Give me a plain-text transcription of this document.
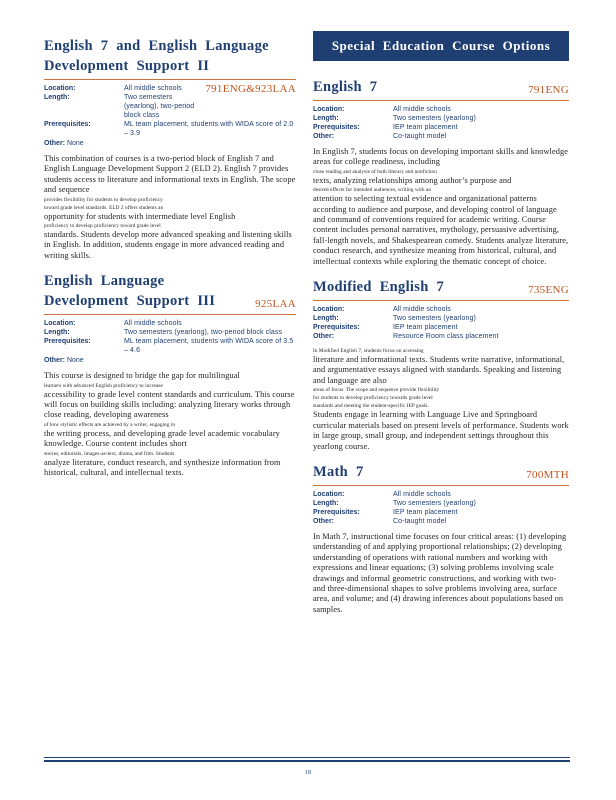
English 7 and English Language
Development Support II
791ENG&923LAA
Location:	All middle schools
Length:	Two semesters (yearlong), two-period block class
Prerequisites:	ML team placement, students with WIDA score of 2.0 – 3.9
Other: None
This combination of courses is a two-period block of English 7 and English Language Development Support 2 (ELD 2). English 7 provides students access to literature and informational texts in English. The scope and sequence
provides flexibility for students to develop proficiency
toward grade level standards. ELD 2 offers students an
opportunity for students with intermediate level English
proficiency to develop proficiency toward grade level
standards. Students develop more advanced speaking and listening skills in English. In addition, students engage in more advanced reading and writing skills.
English Language
Development Support III	925LAA
Location:	All middle schools
Length:	Two semesters (yearlong), two-period block class
Prerequisites:	ML team placement, students with WIDA score of 3.5 – 4.6
Other: None
This course is designed to bridge the gap for multilingual
learners with advanced English proficiency to increase
accessibility to grade level content standards and curriculum. This course will focus on building skills including: analyzing literary works through close reading, developing awareness
of how stylistic effects are achieved by a writer, engaging in
the writing process, and developing grade level academic vocabulary knowledge. Course content includes short
stories, editorials, images-as-text, drama, and film. Students
analyze literature, conduct research, and synthesize information from historical, cultural, and intellectual texts.
Special Education Course Options
English 7	791ENG
Location:	All middle schools
Length:	Two semesters (yearlong)
Prerequisites:	IEP team placement
Other:	Co-taught model
In English 7, students focus on developing important skills and knowledge areas for college readiness, including
close reading and analysis of both literary and nonfiction
texts, analyzing relationships among author’s purpose and
desired effects for intended audiences, writing with an
attention to selecting textual evidence and organizational patterns according to audience and purpose, and developing control of language and command of conventions required for academic writing. Course content includes personal narratives, mythology, persuasive advertising, fall-length novels, and Shakespearean comedy. Students analyze literature, conduct research, and synthesize meaning from historical, cultural, and intellectual contexts while exploring the thematic concept of choice.
Modified English 7	735ENG
Location:	All middle schools
Length:	Two semesters (yearlong)
Prerequisites:	IEP team placement
Other:	Resource Room class placement
In Modified English 7, students focus on accessing
literature and informational texts. Students write narrative, informational, and argumentative essays aligned with standards. Speaking and listening and language are also
areas of focus. The scope and sequence provide flexibility
for students to develop proficiency towards grade level
standards and meeting the student-specific IEP goals.
Students engage in learning with Language Live and Springboard curricular materials based on present levels of performance. Students work in large group, small group, and independent settings throughout this yearlong course.
Math 7	700MTH
Location:	All middle schools
Length:	Two semesters (yearlong)
Prerequisites:	IEP team placement
Other:	Co-taught model
In Math 7, instructional time focuses on four critical areas: (1) developing understanding of and applying proportional relationships; (2) developing understanding of operations with rational numbers and working with expressions and linear equations; (3) solving problems involving scale drawings and informal geometric constructions, and working with two- and three-dimensional shapes to solve problems involving area, surface area, and volume; and (4) drawing inferences about populations based on samples.
18
